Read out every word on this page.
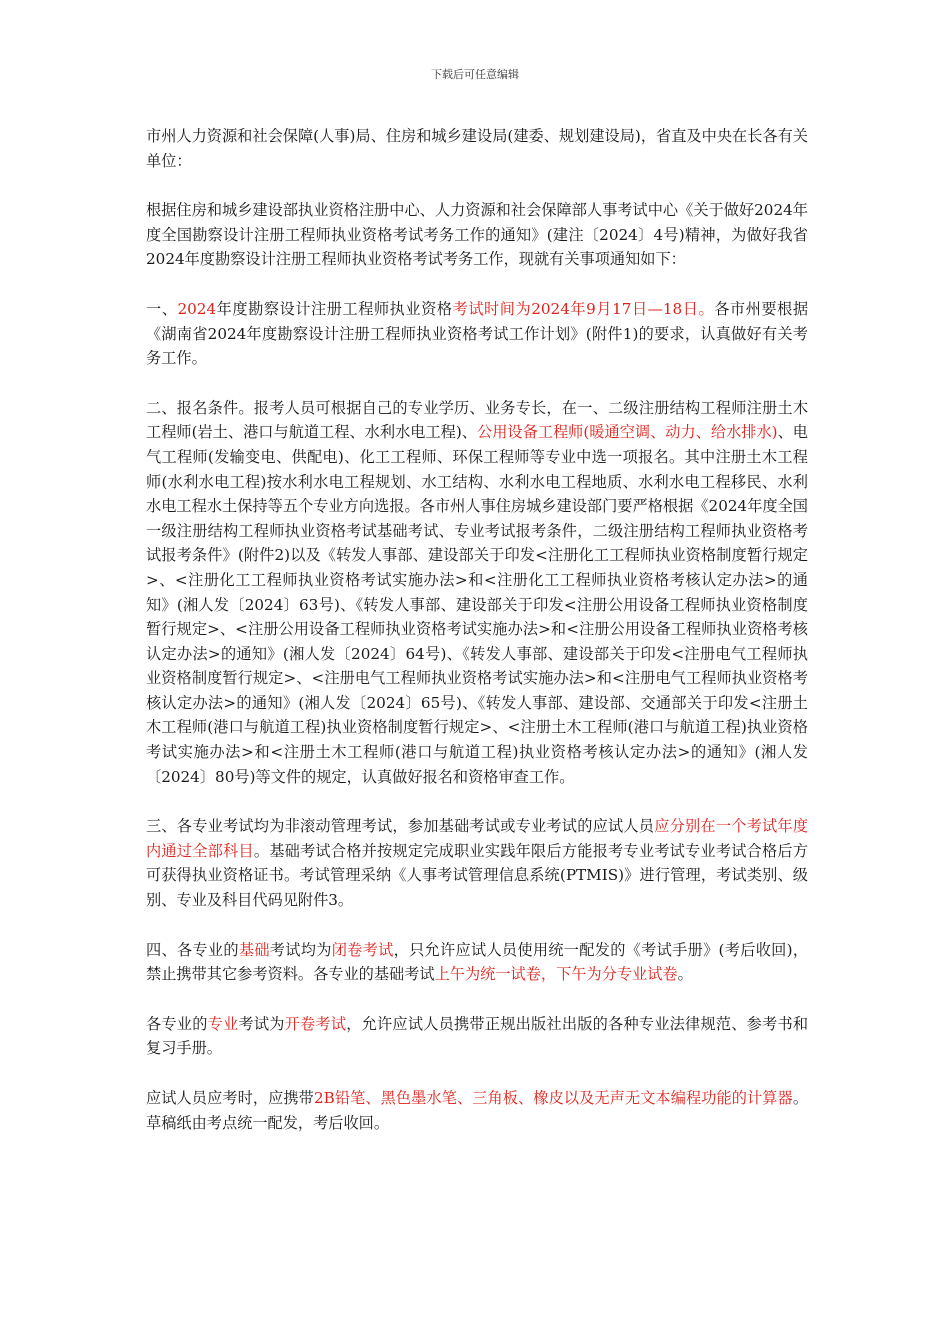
下载后可任意编辑

市州人力资源和社会保障(人事)局、住房和城乡建设局(建委、规划建设局)，省直及中央在长各有关单位：

根据住房和城乡建设部执业资格注册中心、人力资源和社会保障部人事考试中心《关于做好2024年度全国勘察设计注册工程师执业资格考试考务工作的通知》(建注〔2024〕4号)精神，为做好我省2024年度勘察设计注册工程师执业资格考试考务工作，现就有关事项通知如下：

一、2024年度勘察设计注册工程师执业资格考试时间为2024年9月17日—18日。各市州要根据《湖南省2024年度勘察设计注册工程师执业资格考试工作计划》(附件1)的要求，认真做好有关考务工作。

二、报名条件。报考人员可根据自己的专业学历、业务专长，在一、二级注册结构工程师注册土木工程师(岩土、港口与航道工程、水利水电工程)、公用设备工程师(暖通空调、动力、给水排水)、电气工程师(发输变电、供配电)、化工工程师、环保工程师等专业中选一项报名。其中注册土木工程师(水利水电工程)按水利水电工程规划、水工结构、水利水电工程地质、水利水电工程移民、水利水电工程水土保持等五个专业方向选报。各市州人事住房城乡建设部门要严格根据《2024年度全国一级注册结构工程师执业资格考试基础考试、专业考试报考条件，二级注册结构工程师执业资格考试报考条件》(附件2)以及《转发人事部、建设部关于印发<注册化工工程师执业资格制度暂行规定>、<注册化工工程师执业资格考试实施办法>和<注册化工工程师执业资格考核认定办法>的通知》(湘人发〔2024〕63号)、《转发人事部、建设部关于印发<注册公用设备工程师执业资格制度暂行规定>、<注册公用设备工程师执业资格考试实施办法>和<注册公用设备工程师执业资格考核认定办法>的通知》(湘人发〔2024〕64号)、《转发人事部、建设部关于印发<注册电气工程师执业资格制度暂行规定>、<注册电气工程师执业资格考试实施办法>和<注册电气工程师执业资格考核认定办法>的通知》(湘人发〔2024〕65号)、《转发人事部、建设部、交通部关于印发<注册土木工程师(港口与航道工程)执业资格制度暂行规定>、<注册土木工程师(港口与航道工程)执业资格考试实施办法>和<注册土木工程师(港口与航道工程)执业资格考核认定办法>的通知》(湘人发〔2024〕80号)等文件的规定，认真做好报名和资格审查工作。

三、各专业考试均为非滚动管理考试，参加基础考试或专业考试的应试人员应分别在一个考试年度内通过全部科目。基础考试合格并按规定完成职业实践年限后方能报考专业考试专业考试合格后方可获得执业资格证书。考试管理采纳《人事考试管理信息系统(PTMIS)》进行管理，考试类别、级别、专业及科目代码见附件3。

四、各专业的基础考试均为闭卷考试，只允许应试人员使用统一配发的《考试手册》(考后收回)，禁止携带其它参考资料。各专业的基础考试上午为统一试卷，下午为分专业试卷。

各专业的专业考试为开卷考试，允许应试人员携带正规出版社出版的各种专业法律规范、参考书和复习手册。

应试人员应考时，应携带2B铅笔、黑色墨水笔、三角板、橡皮以及无声无文本编程功能的计算器。草稿纸由考点统一配发，考后收回。
